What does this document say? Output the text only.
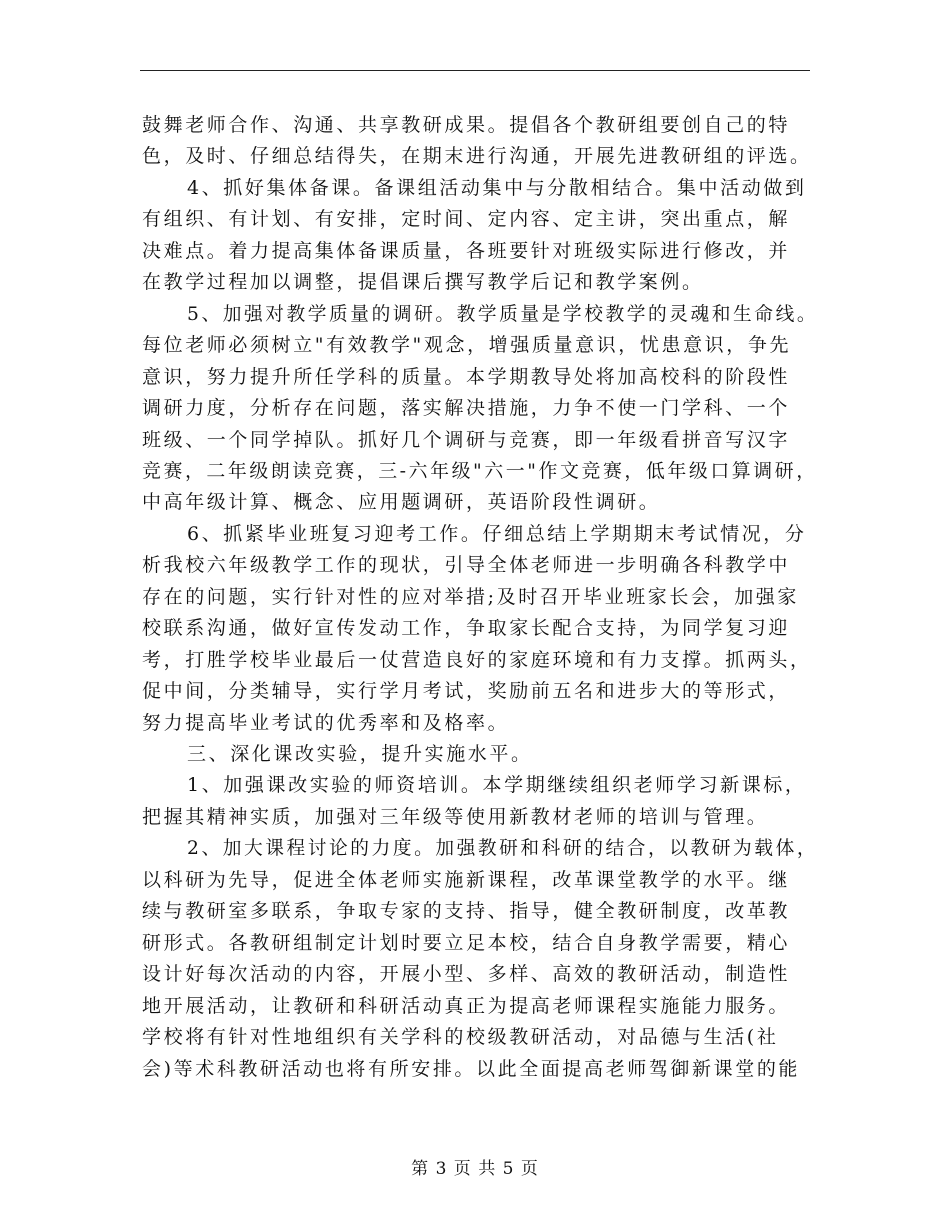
鼓舞老师合作、沟通、共享教研成果。提倡各个教研组要创自己的特
色，及时、仔细总结得失，在期末进行沟通，开展先进教研组的评选。
4、抓好集体备课。备课组活动集中与分散相结合。集中活动做到
有组织、有计划、有安排，定时间、定内容、定主讲，突出重点，解
决难点。着力提高集体备课质量，各班要针对班级实际进行修改，并
在教学过程加以调整，提倡课后撰写教学后记和教学案例。
5、加强对教学质量的调研。教学质量是学校教学的灵魂和生命线。
每位老师必须树立"有效教学"观念，增强质量意识，忧患意识，争先
意识，努力提升所任学科的质量。本学期教导处将加高校科的阶段性
调研力度，分析存在问题，落实解决措施，力争不使一门学科、一个
班级、一个同学掉队。抓好几个调研与竞赛，即一年级看拼音写汉字
竞赛，二年级朗读竞赛，三-六年级"六一"作文竞赛，低年级口算调研，
中高年级计算、概念、应用题调研，英语阶段性调研。
6、抓紧毕业班复习迎考工作。仔细总结上学期期末考试情况，分
析我校六年级教学工作的现状，引导全体老师进一步明确各科教学中
存在的问题，实行针对性的应对举措;及时召开毕业班家长会，加强家
校联系沟通，做好宣传发动工作，争取家长配合支持，为同学复习迎
考，打胜学校毕业最后一仗营造良好的家庭环境和有力支撑。抓两头，
促中间，分类辅导，实行学月考试，奖励前五名和进步大的等形式，
努力提高毕业考试的优秀率和及格率。
三、深化课改实验，提升实施水平。
1、加强课改实验的师资培训。本学期继续组织老师学习新课标，
把握其精神实质，加强对三年级等使用新教材老师的培训与管理。
2、加大课程讨论的力度。加强教研和科研的结合，以教研为载体，
以科研为先导，促进全体老师实施新课程，改革课堂教学的水平。继
续与教研室多联系，争取专家的支持、指导，健全教研制度，改革教
研形式。各教研组制定计划时要立足本校，结合自身教学需要，精心
设计好每次活动的内容，开展小型、多样、高效的教研活动，制造性
地开展活动，让教研和科研活动真正为提高老师课程实施能力服务。
学校将有针对性地组织有关学科的校级教研活动，对品德与生活(社
会)等术科教研活动也将有所安排。以此全面提高老师驾御新课堂的能
第 3 页 共 5 页
